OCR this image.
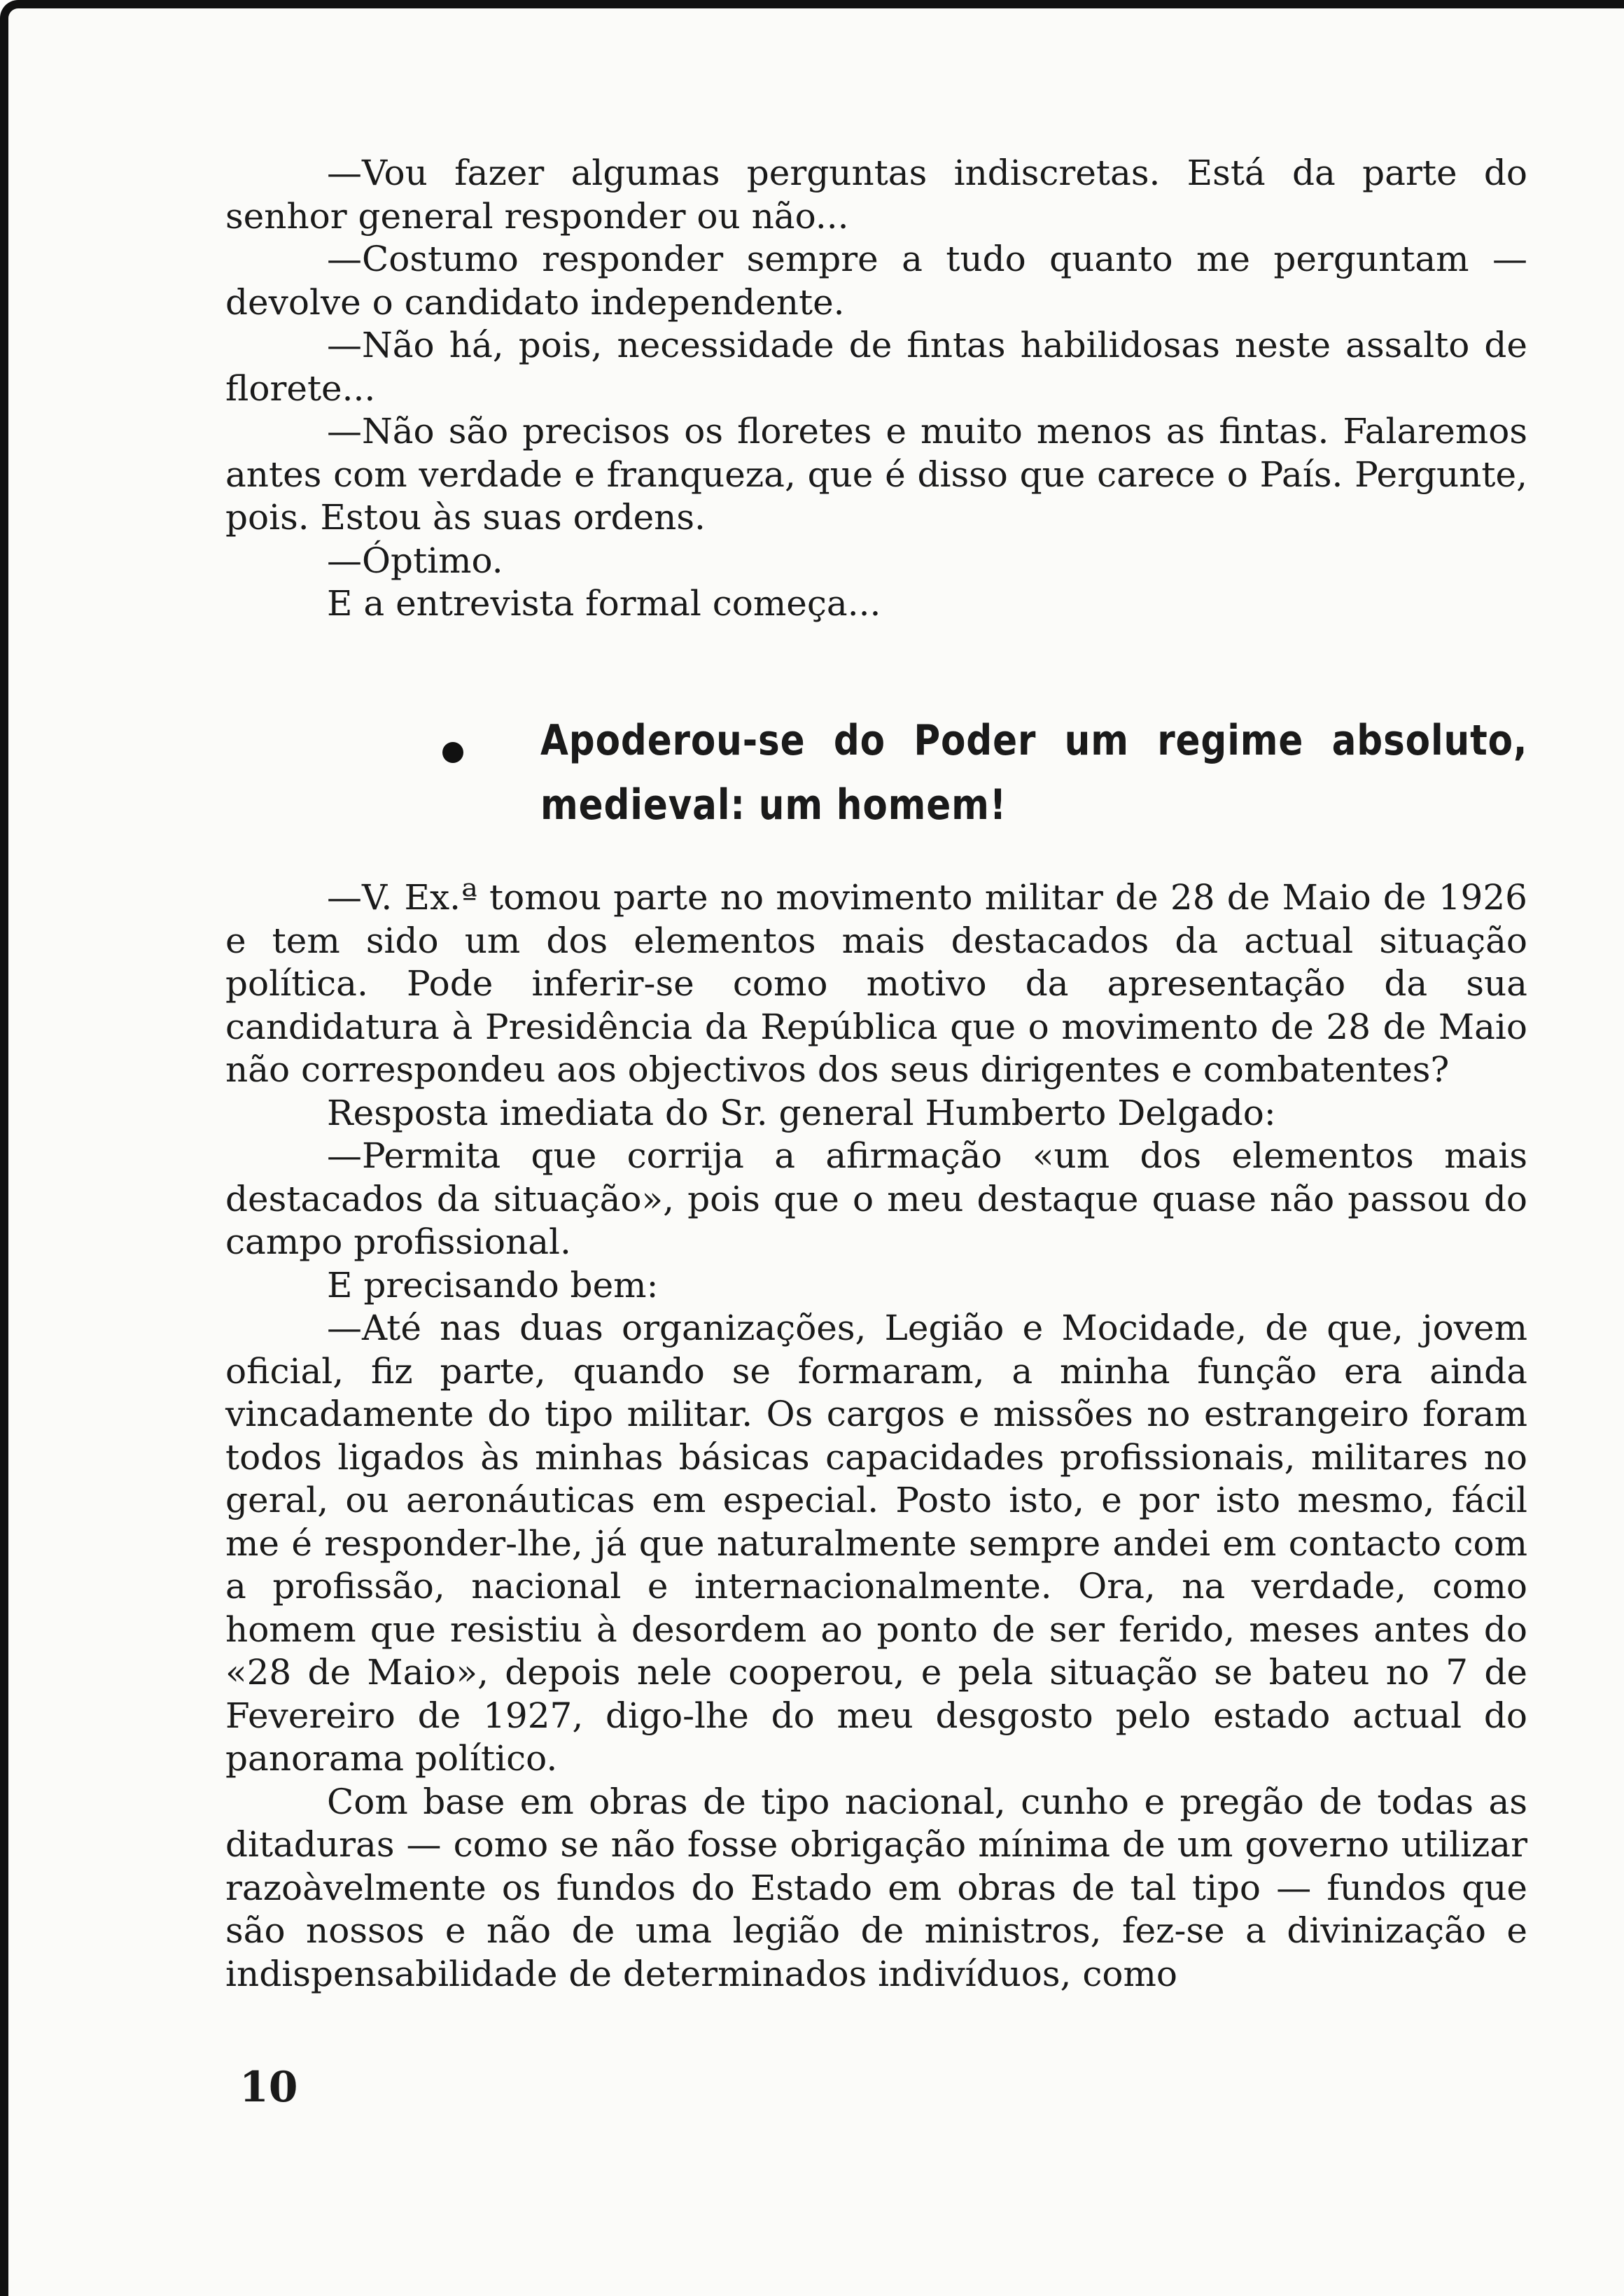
—Vou fazer algumas perguntas indiscretas. Está da parte do senhor general responder ou não...

—Costumo responder sempre a tudo quanto me perguntam — devolve o candidato independente.

—Não há, pois, necessidade de fintas habilidosas neste assalto de florete...

—Não são precisos os floretes e muito menos as fintas. Falaremos antes com verdade e franqueza, que é disso que carece o País. Pergunte, pois. Estou às suas ordens.

—Óptimo.

E a entrevista formal começa...

Apoderou-se do Poder um regime absoluto, medieval: um homem!

—V. Ex.ª tomou parte no movimento militar de 28 de Maio de 1926 e tem sido um dos elementos mais destacados da actual situação política. Pode inferir-se como motivo da apresentação da sua candidatura à Presidência da República que o movimento de 28 de Maio não correspondeu aos objectivos dos seus dirigentes e combatentes?

Resposta imediata do Sr. general Humberto Delgado:

—Permita que corrija a afirmação «um dos elementos mais destacados da situação», pois que o meu destaque quase não passou do campo profissional.

E precisando bem:

—Até nas duas organizações, Legião e Mocidade, de que, jovem oficial, fiz parte, quando se formaram, a minha função era ainda vincadamente do tipo militar. Os cargos e missões no estrangeiro foram todos ligados às minhas básicas capacidades profissionais, militares no geral, ou aeronáuticas em especial. Posto isto, e por isto mesmo, fácil me é responder-lhe, já que naturalmente sempre andei em contacto com a profissão, nacional e internacionalmente. Ora, na verdade, como homem que resistiu à desordem ao ponto de ser ferido, meses antes do «28 de Maio», depois nele cooperou, e pela situação se bateu no 7 de Fevereiro de 1927, digo-lhe do meu desgosto pelo estado actual do panorama político.

Com base em obras de tipo nacional, cunho e pregão de todas as ditaduras — como se não fosse obrigação mínima de um governo utilizar razoàvelmente os fundos do Estado em obras de tal tipo — fundos que são nossos e não de uma legião de ministros, fez-se a divinização e indispensabilidade de determinados indivíduos, como

10
